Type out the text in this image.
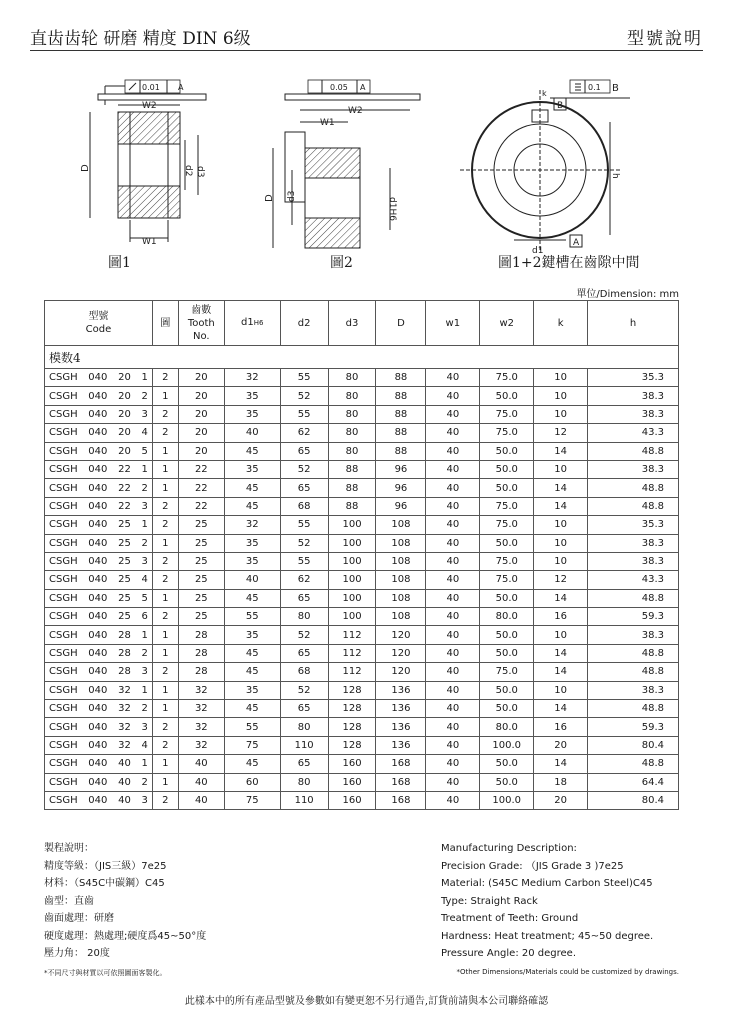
直齿齿轮 研磨 精度 DIN 6级	型號說明
W2
A
0.01
W1
D	d2 d3
0.05 A
W2
W1
D d3
d1H6
0.1 B
B
k
h
d1
A
圖1	圖2	圖1+2鍵槽在齒隙中間
單位/Dimension: mm
型號
Code	圖	齒數
Tooth No.	d1H6	d2	d3	D	w1	w2	k	h
模数4										

CSGH 040 20 1	2	20	32	55	80	88	40	75.0	10	35.3

CSGH 040 20 2	1	20	35	52	80	88	40	50.0	10	38.3

CSGH 040 20 3	2	20	35	55	80	88	40	75.0	10	38.3

CSGH 040 20 4	2	20	40	62	80	88	40	75.0	12	43.3

CSGH 040 20 5	1	20	45	65	80	88	40	50.0	14	48.8

CSGH 040 22 1	1	22	35	52	88	96	40	50.0	10	38.3

CSGH 040 22 2	1	22	45	65	88	96	40	50.0	14	48.8

CSGH 040 22 3	2	22	45	68	88	96	40	75.0	14	48.8

CSGH 040 25 1	2	25	32	55	100	108	40	75.0	10	35.3

CSGH 040 25 2	1	25	35	52	100	108	40	50.0	10	38.3

CSGH 040 25 3	2	25	35	55	100	108	40	75.0	10	38.3

CSGH 040 25 4	2	25	40	62	100	108	40	75.0	12	43.3

CSGH 040 25 5	1	25	45	65	100	108	40	50.0	14	48.8

CSGH 040 25 6	2	25	55	80	100	108	40	80.0	16	59.3

CSGH 040 28 1	1	28	35	52	112	120	40	50.0	10	38.3

CSGH 040 28 2	1	28	45	65	112	120	40	50.0	14	48.8

CSGH 040 28 3	2	28	45	68	112	120	40	75.0	14	48.8

CSGH 040 32 1	1	32	35	52	128	136	40	50.0	10	38.3

CSGH 040 32 2	1	32	45	65	128	136	40	50.0	14	48.8

CSGH 040 32 3	2	32	55	80	128	136	40	80.0	16	59.3

CSGH 040 32 4	2	32	75	110	128	136	40	100.0	20	80.4

CSGH 040 40 1	1	40	45	65	160	168	40	50.0	14	48.8

CSGH 040 40 2	1	40	60	80	160	168	40	50.0	18	64.4

CSGH 040 40 3	2	40	75	110	160	168	40	100.0	20	80.4
製程說明：
精度等級：（JIS三級）7e25
材料：（S45C中碳鋼）C45
齒型：直齒
齒面處理：研磨
硬度處理：熱處理;硬度爲45~50°度
壓力角： 20度
Manufacturing Description:
Precision Grade: （JIS Grade 3 )7e25
Material: (S45C Medium Carbon Steel)C45
Type: Straight Rack
Treatment of Teeth: Ground
Hardness: Heat treatment; 45~50 degree.
Pressure Angle: 20 degree.
*不同尺寸與材質以可依照圖面客製化。	*Other Dimensions/Materials could be customized by drawings.
此樣本中的所有產品型號及參數如有變更恕不另行通告,訂貨前請與本公司聯絡確認
